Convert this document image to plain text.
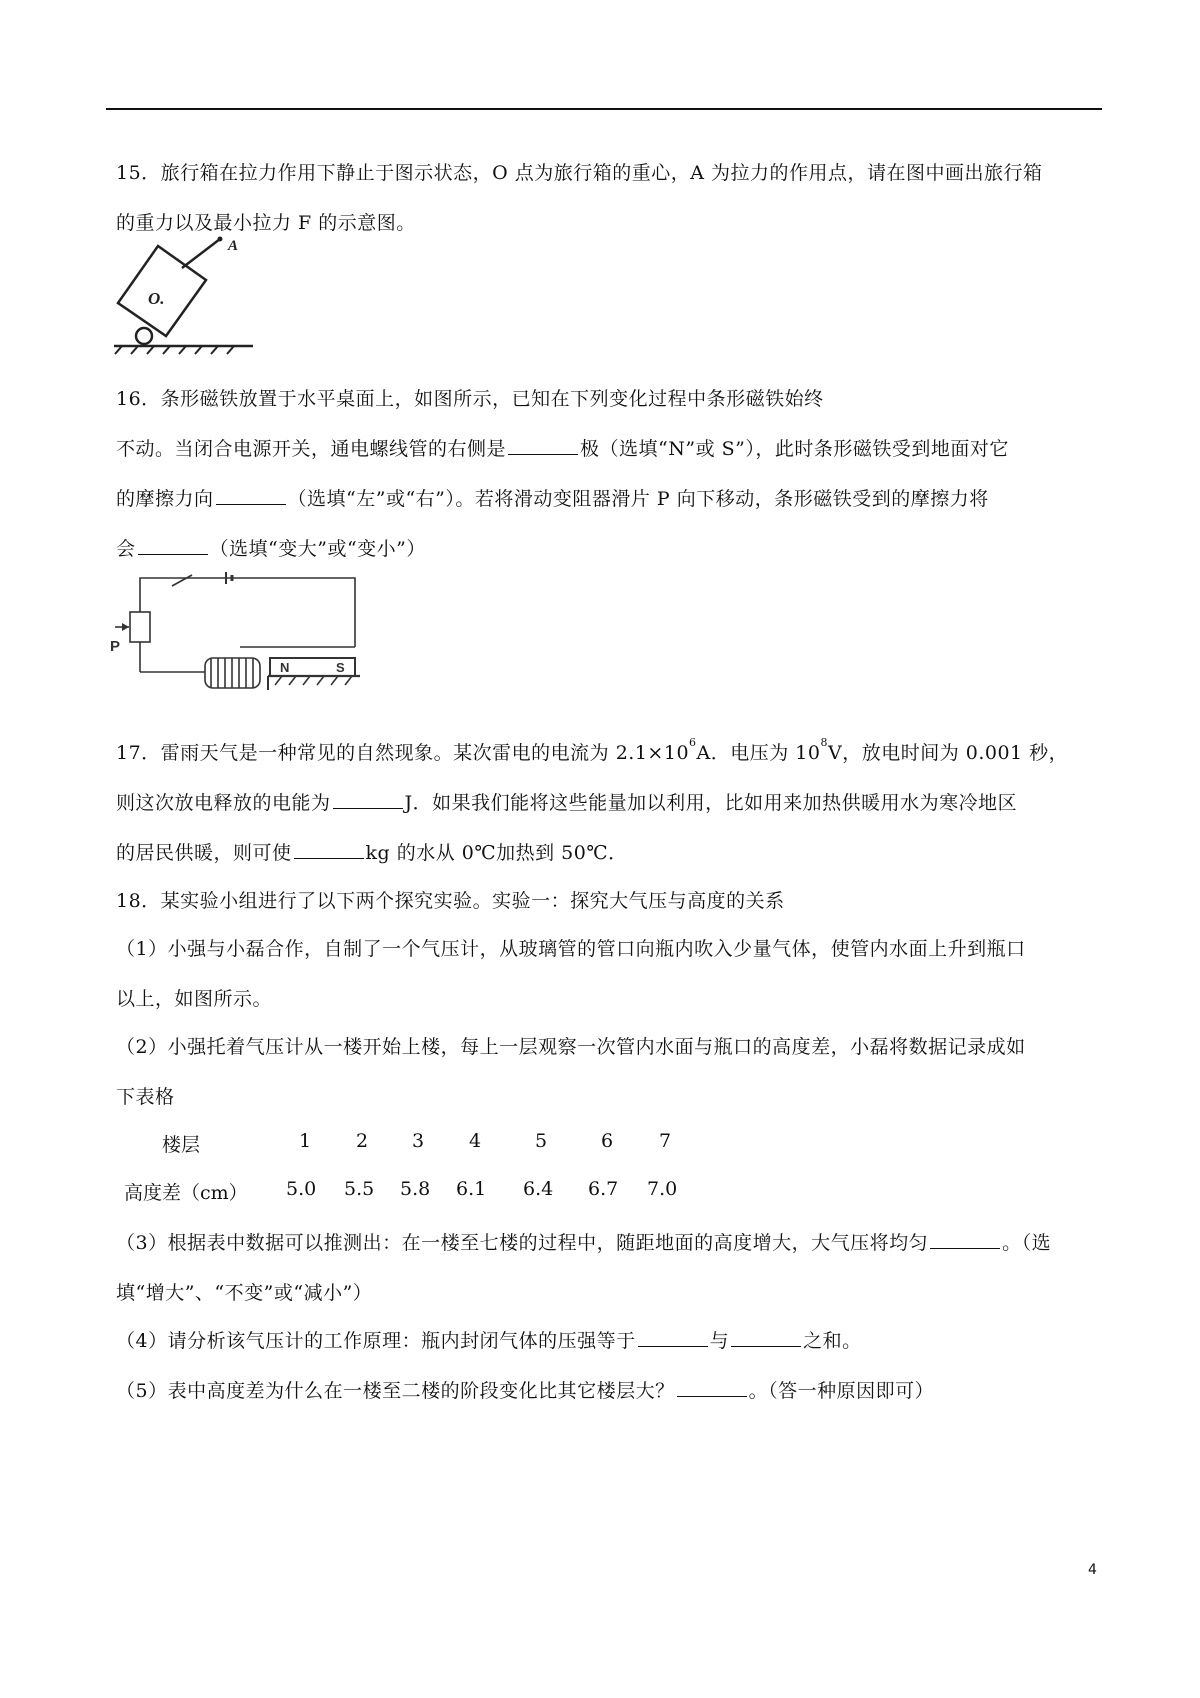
15．旅行箱在拉力作用下静止于图示状态，O 点为旅行箱的重心，A 为拉力的作用点，请在图中画出旅行箱
的重力以及最小拉力 F 的示意图。
O.
A
16．条形磁铁放置于水平桌面上，如图所示，已知在下列变化过程中条形磁铁始终
不动。当闭合电源开关，通电螺线管的右侧是	极（选填“N”或 S”），此时条形磁铁受到地面对它
的摩擦力向	（选填“左”或“右”）。若将滑动变阻器滑片 P 向下移动，条形磁铁受到的摩擦力将
会	（选填“变大”或“变小”）
P
N	S
17．雷雨天气是一种常见的自然现象。某次雷电的电流为 $2.1\times 10^6A$．电压为 $10^8V$，放电时间为 0.001 秒，
则这次放电释放的电能为	J．如果我们能将这些能量加以利用，比如用来加热供暖用水为寒冷地区
的居民供暖，则可使	kg 的水从 0℃加热到 50℃．
18．某实验小组进行了以下两个探究实验。实验一：探究大气压与高度的关系
（1）小强与小磊合作，自制了一个气压计，从玻璃管的管口向瓶内吹入少量气体，使管内水面上升到瓶口
以上，如图所示。
（2）小强托着气压计从一楼开始上楼，每上一层观察一次管内水面与瓶口的高度差，小磊将数据记录成如
下表格
楼层	1 2 3 4	5	6 7
高度差（cm） 5.0 5.5 5.8 6.1 6.4 6.7 7.0
（3）根据表中数据可以推测出：在一楼至七楼的过程中，随距地面的高度增大，大气压将均匀	。（选
填“增大”、“不变”或“减小”）
（4）请分析该气压计的工作原理：瓶内封闭气体的压强等于	与	之和。
（5）表中高度差为什么在一楼至二楼的阶段变化比其它楼层大？	。（答一种原因即可）
4
